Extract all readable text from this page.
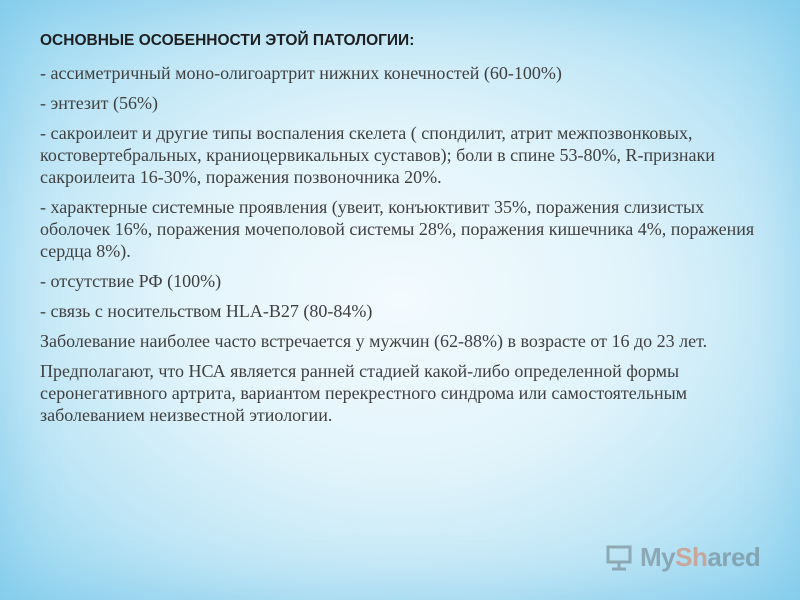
ОСНОВНЫЕ ОСОБЕННОСТИ ЭТОЙ ПАТОЛОГИИ:

- ассиметричный моно-олигоартрит нижних конечностей (60-100%)

- энтезит (56%)

- сакроилеит и другие типы воспаления скелета ( спондилит, атрит межпозвонковых, костовертебральных, краниоцервикальных суставов); боли в спине 53-80%, R-признаки сакроилеита 16-30%, поражения позвоночника 20%.

- характерные системные проявления (увеит, конъюктивит 35%, поражения слизистых оболочек 16%, поражения мочеполовой системы 28%, поражения кишечника 4%, поражения сердца 8%).

- отсутствие РФ (100%)

- связь с носительством HLA-B27 (80-84%)

Заболевание наиболее часто встречается у мужчин (62-88%) в возрасте от 16 до 23 лет.

Предполагают, что НСА является ранней стадией какой-либо определенной формы серонегативного артрита, вариантом перекрестного синдрома или самостоятельным заболеванием неизвестной этиологии.

MyShared
